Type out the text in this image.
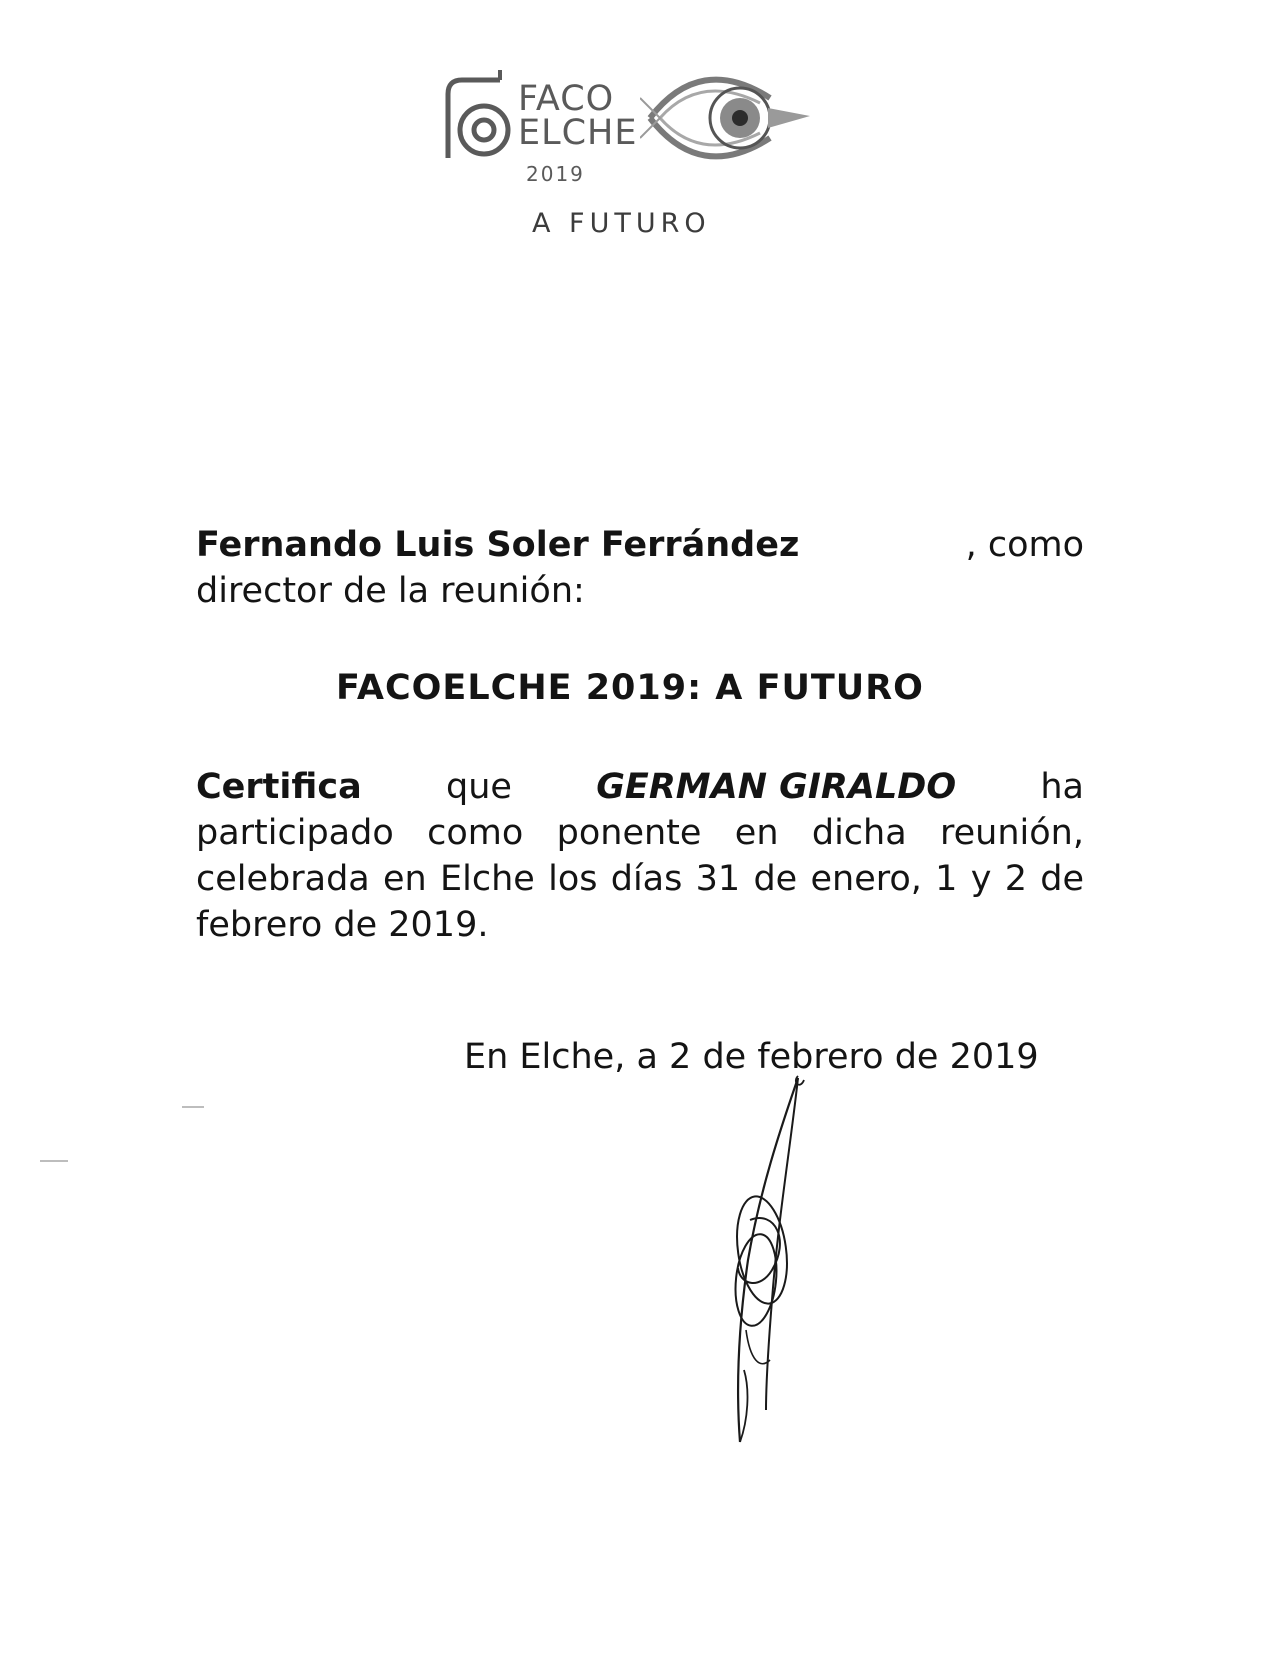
FACO
ELCHE
2019
A FUTURO
Fernando Luis Soler Ferrández	, como
director de la reunión:
FACOELCHE 2019: A FUTURO
Certifica que GERMAN GIRALDO ha
participado como ponente en dicha reunión, celebrada en Elche los días 31 de enero, 1 y 2 de febrero de 2019.
En Elche, a 2 de febrero de 2019
